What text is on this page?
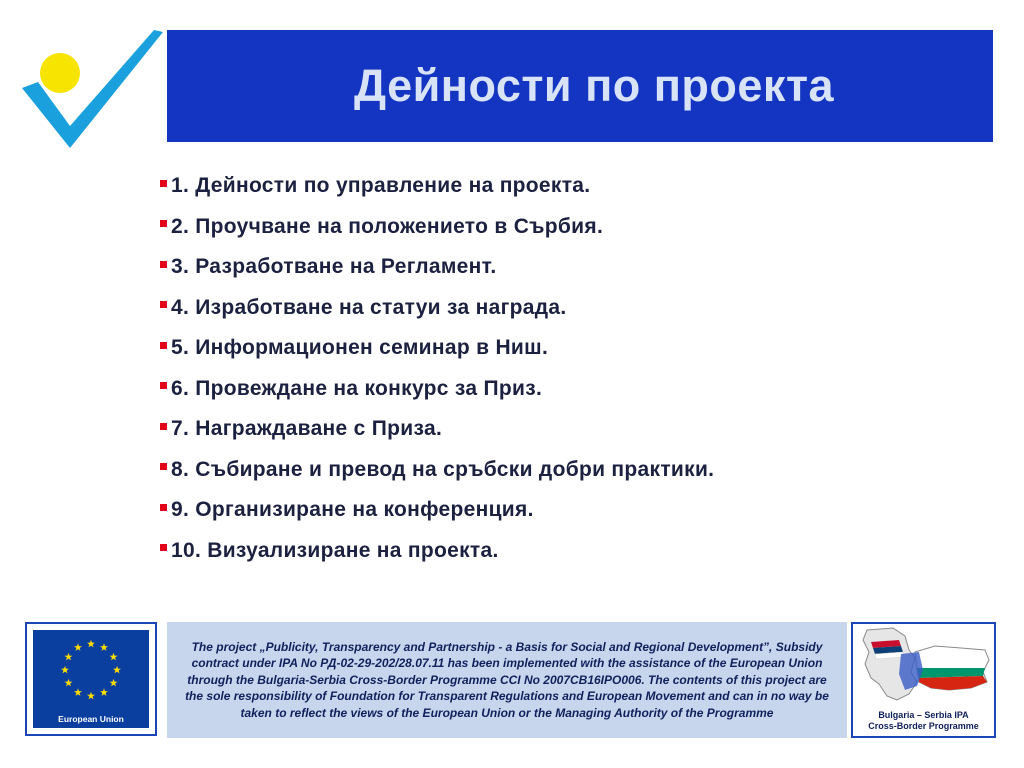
Дейности по проекта
1. Дейности по управление на проекта.
2. Проучване на положението в Сърбия.
3. Разработване на Регламент.
4. Изработване на статуи за награда.
5. Информационен семинар в Ниш.
6. Провеждане на конкурс за Приз.
7. Награждаване с Приза.
8. Събиране и превод на сръбски добри практики.
9. Организиране на конференция.
10. Визуализиране на проекта.
European Union

The project „Publicity, Transparency and Partnership - a Basis for Social and Regional Development”, Subsidy contract under IPA No РД-02-29-202/28.07.11 has been implemented with the assistance of the European Union through the Bulgaria-Serbia Cross-Border Programme CCI No 2007CB16IPO006. The contents of this project are the sole responsibility of Foundation for Transparent Regulations and European Movement and can in no way be taken to reflect the views of the European Union or the Managing Authority of the Programme	Bulgaria – Serbia IPA
Cross-Border Programme
